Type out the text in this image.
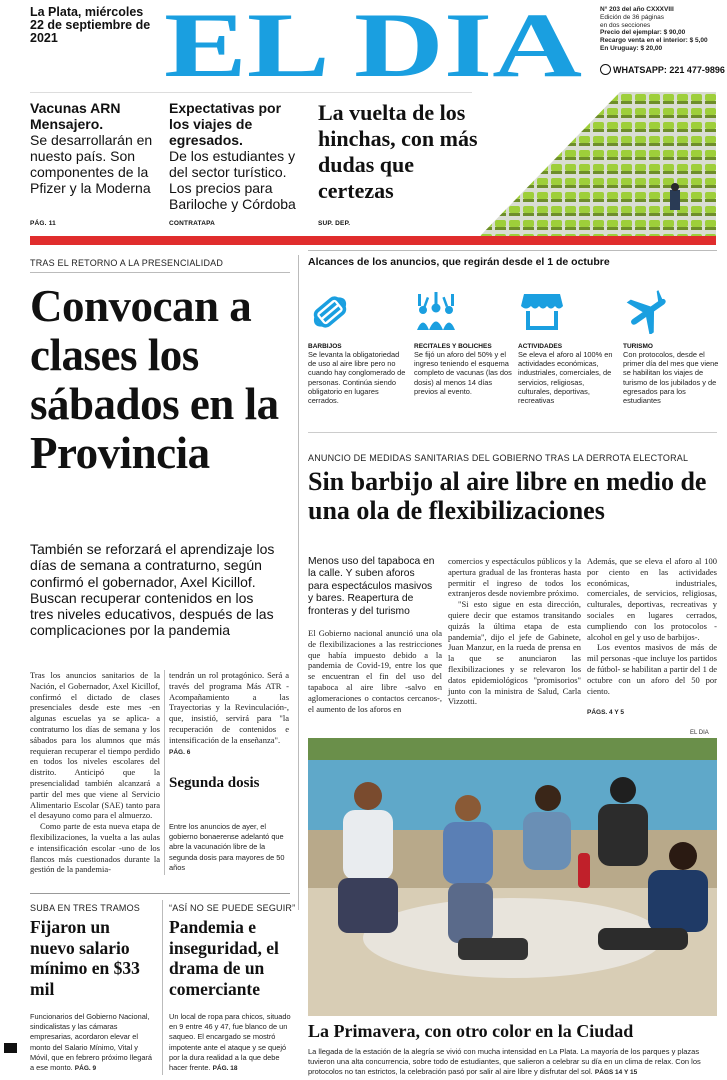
La Plata, miércoles 22 de septiembre de 2021	EL DIA	N° 203 del año CXXXVIII
Edición de 36 páginas
en dos secciones
Precio del ejemplar: $ 90,00
Recargo venta en el interior: $ 5,00
En Uruguay: $ 20,00
WHATSAPP: 221 477-9896
Vacunas ARN Mensajero.
Se desarrollarán en nuesto país. Son componentes de la Pfizer y la Moderna
PÁG. 11
Expectativas por los viajes de egresados.
De los estudiantes y del sector turístico. Los precios para Bariloche y Córdoba
CONTRATAPA
La vuelta de los hinchas, con más dudas que certezas
SUP. DEP.
TRAS EL RETORNO A LA PRESENCIALIDAD
Convocan a clases los sábados en la Provincia
También se reforzará el aprendizaje los días de semana a contraturno, según confirmó el gobernador, Axel Kicillof. Buscan recuperar contenidos en los tres niveles educativos, después de las complicaciones por la pandemia

Tras los anuncios sanitarios de la Nación, el Gobernador, Axel Kicillof, confirmó el dictado de clases presenciales desde este mes -en algunas escuelas ya se aplica- a contraturno los días de semana y los sábados para los alumnos que más requieran recuperar el tiempo perdido en todos los niveles escolares del distrito. Anticipó que la presencialidad también alcanzará a partir del mes que viene al Servicio Alimentario Escolar (SAE) tanto para el desayuno como para el almuerzo.

Como parte de esta nueva etapa de flexibilizaciones, la vuelta a las aulas e intensificación escolar -uno de los flancos más cuestionados durante la gestión de la pandemia-

tendrán un rol protagónico. Será a través del programa Más ATR -Acompañamiento a las Trayectorias y la Revinculación-, que, insistió, servirá para "la recuperación de contenidos e intensificación de la enseñanza".
PÁG. 6

Segunda dosis
Entre los anuncios de ayer, el gobierno bonaerense adelantó que abre la vacunación libre de la segunda dosis para mayores de 50 años
Alcances de los anuncios, que regirán desde el 1 de octubre
BARBIJOS
Se levanta la obligatoriedad de uso al aire libre pero no cuando hay conglomerado de personas. Continúa siendo obligatorio en lugares cerrados.
RECITALES Y BOLICHES
Se fijó un aforo del 50% y el ingreso teniendo el esquema completo de vacunas (las dos dosis) al menos 14 días previos al evento.
ACTIVIDADES
Se eleva el aforo al 100% en actividades económicas, industriales, comerciales, de servicios, religiosas, culturales, deportivas, recreativas
TURISMO
Con protocolos, desde el primer día del mes que viene se habilitan los viajes de turismo de los jubilados y de egresados para los estudiantes
ANUNCIO DE MEDIDAS SANITARIAS DEL GOBIERNO TRAS LA DERROTA ELECTORAL
Sin barbijo al aire libre en medio de una ola de flexibilizaciones
Menos uso del tapaboca en la calle. Y suben aforos para espectáculos masivos y bares. Reapertura de fronteras y del turismo

El Gobierno nacional anunció una ola de flexibilizaciones a las restricciones que había impuesto debido a la pandemia de Covid-19, entre los que se encuentran el fin del uso del tapaboca al aire libre -salvo en aglomeraciones o contactos cercanos-, el aumento de los aforos en

comercios y espectáculos públicos y la apertura gradual de las fronteras hasta permitir el ingreso de todos los extranjeros desde noviembre próximo.

"Si esto sigue en esta dirección, quiere decir que estamos transitando quizás la última etapa de esta pandemia", dijo el jefe de Gabinete, Juan Manzur, en la rueda de prensa en la que se anunciaron las flexibilizaciones y se relevaron los datos epidemiológicos "promisorios" junto con la ministra de Salud, Carla Vizzotti.

Además, que se eleva el aforo al 100 por ciento en las actividades económicas, industriales, comerciales, de servicios, religiosas, culturales, deportivas, recreativas y sociales en lugares cerrados, cumpliendo con los protocolos -alcohol en gel y uso de barbijos-.

Los eventos masivos de más de mil personas -que incluye los partidos de fútbol- se habilitan a partir del 1 de octubre con un aforo del 50 por ciento.

PÁGS. 4 Y 5

EL DIA
La Primavera, con otro color en la Ciudad
La llegada de la estación de la alegría se vivió con mucha intensidad en La Plata. La mayoría de los parques y plazas tuvieron una alta concurrencia, sobre todo de estudiantes, que salieron a celebrar su día en un clima de relax. Con los protocolos no tan estrictos, la celebración pasó por salir al aire libre y disfrutar del sol. PÁGS 14 Y 15
SUBA EN TRES TRAMOS
Fijaron un nuevo salario mínimo en $33 mil
Funcionarios del Gobierno Nacional, sindicalistas y las cámaras empresarias, acordaron elevar el monto del Salario Mínimo, Vital y Móvil, que en febrero próximo llegará a ese monto. PÁG. 9
“ASÍ NO SE PUEDE SEGUIR”
Pandemia e inseguridad, el drama de un comerciante
Un local de ropa para chicos, situado en 9 entre 46 y 47, fue blanco de un saqueo. El encargado se mostró impotente ante el ataque y se quejó por la dura realidad a la que debe hacer frente. PÁG. 18
